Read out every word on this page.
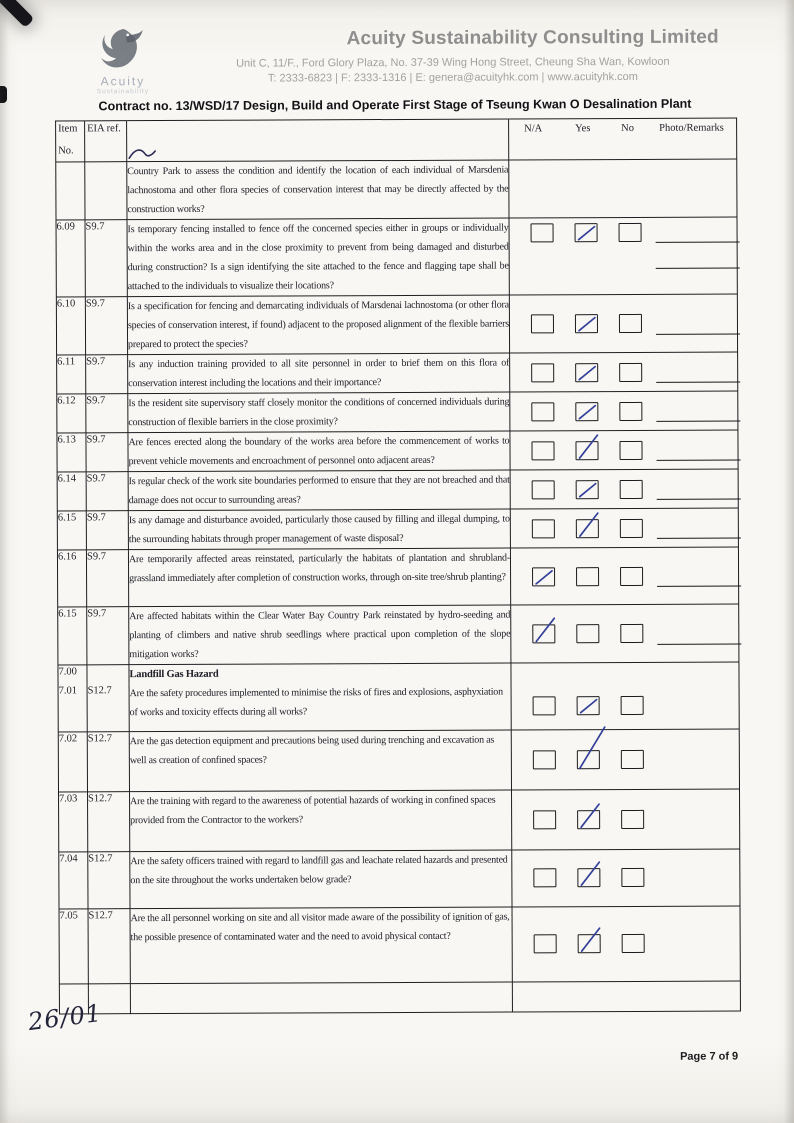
Acuity
Sustainability
Acuity Sustainability Consulting Limited
Unit C, 11/F., Ford Glory Plaza, No. 37-39 Wing Hong Street, Cheung Sha Wan, Kowloon
T: 2333-6823 | F: 2333-1316 | E: genera@acuityhk.com | www.acuityhk.com
Contract no. 13/WSD/17 Design, Build and Operate First Stage of Tseung Kwan O Desalination Plant
Item
No.

EIA ref.		N/A	Yes	No Photo/Remarks

		Country Park to assess the condition and identify the location of each individual of Marsdenia lachnostoma and other flora species of conservation interest that may be directly affected by the construction works?	
6.09	S9.7	Is temporary fencing installed to fence off the concerned species either in groups or individually within the works area and in the close proximity to prevent from being damaged and disturbed during construction? Is a sign identifying the site attached to the fence and flagging tape shall be attached to the individuals to visualize their locations?	

6.10	S9.7	Is a specification for fencing and demarcating individuals of Marsdenai lachnostoma (or other flora species of conservation interest, if found) adjacent to the proposed alignment of the flexible barriers prepared to protect the species?	

6.11	S9.7	Is any induction training provided to all site personnel in order to brief them on this flora of conservation interest including the locations and their importance?	

6.12	S9.7	Is the resident site supervisory staff closely monitor the conditions of concerned individuals during construction of flexible barriers in the close proximity?	

6.13	S9.7	Are fences erected along the boundary of the works area before the commencement of works to prevent vehicle movements and encroachment of personnel onto adjacent areas?	

6.14	S9.7	Is regular check of the work site boundaries performed to ensure that they are not breached and that damage does not occur to surrounding areas?	

6.15	S9.7	Is any damage and disturbance avoided, particularly those caused by filling and illegal dumping, to the surrounding habitats through proper management of waste disposal?	

6.16	S9.7	Are temporarily affected areas reinstated, particularly the habitats of plantation and shrubland-grassland immediately after completion of construction works, through on-site tree/shrub planting?	

6.15	S9.7	Are affected habitats within the Clear Water Bay Country Park reinstated by hydro-seeding and planting of climbers and native shrub seedlings where practical upon completion of the slope mitigation works?	

7.00		Landfill Gas Hazard	
7.01	S12.7	Are the safety procedures implemented to minimise the risks of fires and explosions, asphyxiation of works and toxicity effects during all works?	

7.02	S12.7	Are the gas detection equipment and precautions being used during trenching and excavation as well as creation of confined spaces?	

7.03	S12.7	Are the training with regard to the awareness of potential hazards of working in confined spaces provided from the Contractor to the workers?	

7.04	S12.7	Are the safety officers trained with regard to landfill gas and leachate related hazards and presented on the site throughout the works undertaken below grade?	

7.05	S12.7	Are the all personnel working on site and all visitor made aware of the possibility of ignition of gas, the possible presence of contaminated water and the need to avoid physical contact?	

26/01
Page 7 of 9
